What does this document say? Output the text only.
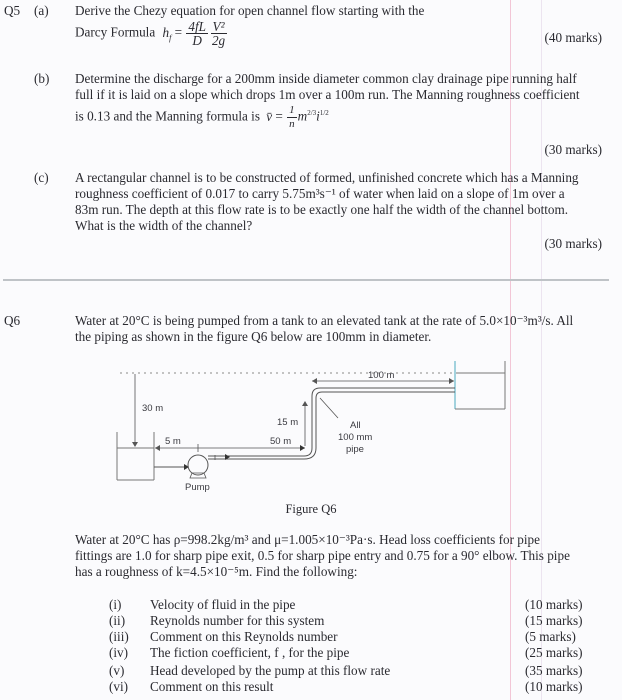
Q5 (a) Derive the Chezy equation for open channel flow starting with the
Darcy Formula $h_f = \frac{4fL}{D} \frac{\text{V²}}{2g}$	(40 marks)
(b) Determine the discharge for a 200mm inside diameter common clay drainage pipe running half
full if it is laid on a slope which drops 1m over a 100m run. The Manning roughness coefficient
is 0.13 and the Manning formula is v̄ = $\frac{1}{n} m^{2/3}i^{1/2}$
(30 marks)
(c) A rectangular channel is to be constructed of formed, unfinished concrete which has a Manning
roughness coefficient of 0.017 to carry 5.75m³s⁻¹ of water when laid on a slope of 1m over a
83m run. The depth at this flow rate is to be exactly one half the width of the channel bottom.
What is the width of the channel?
(30 marks)
Q6	Water at 20°C is being pumped from a tank to an elevated tank at the rate of 5.0×10⁻³m³/s. All
the piping as shown in the figure Q6 below are 100mm in diameter.
30 m
Pump
5 m	50 m
15 m
100 m
All
100 mm
pipe
Figure Q6
Water at 20°C has ρ=998.2kg/m³ and μ=1.005×10⁻³Pa·s. Head loss coefficients for pipe
fittings are 1.0 for sharp pipe exit, 0.5 for sharp pipe entry and 0.75 for a 90° elbow. This pipe
has a roughness of k=4.5×10⁻⁵m. Find the following:
(i) Velocity of fluid in the pipe	(10 marks)
(ii) Reynolds number for this system	(15 marks)
(iii) Comment on this Reynolds number	(5 marks)
(iv) The fiction coefficient, f , for the pipe	(25 marks)
(v) Head developed by the pump at this flow rate	(35 marks)
(vi) Comment on this result	(10 marks)
